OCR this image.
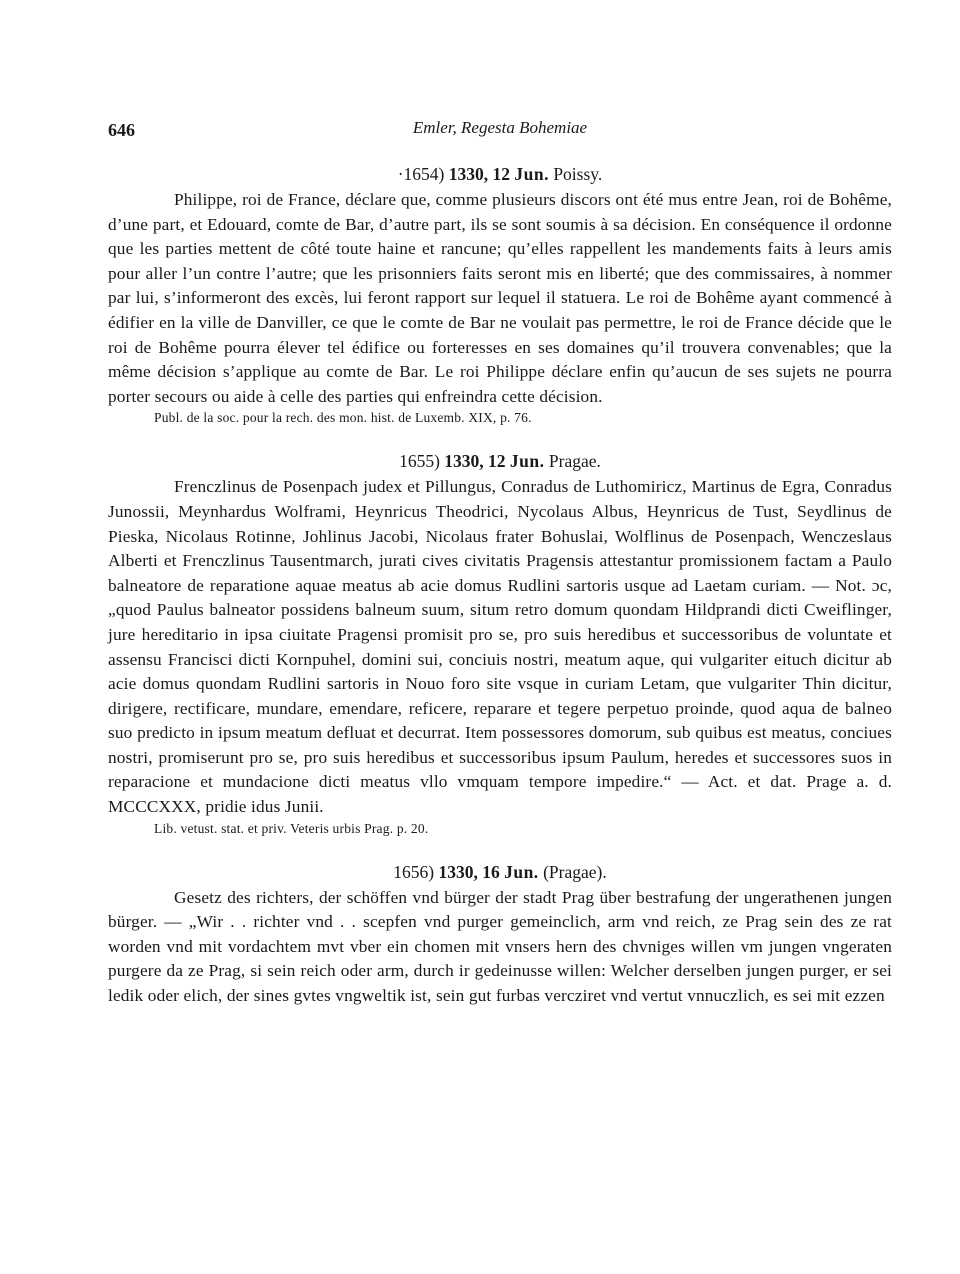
646	Emler, Regesta Bohemiae
·1654) 1330, 12 Jun. Poissy.
Philippe, roi de France, déclare que, comme plusieurs discors ont été mus entre Jean, roi de Bohême, d’une part, et Edouard, comte de Bar, d’autre part, ils se sont soumis à sa décision. En conséquence il ordonne que les parties mettent de côté toute haine et rancune; qu’elles rappellent les mandements faits à leurs amis pour aller l’un contre l’autre; que les prisonniers faits seront mis en liberté; que des commissaires, à nommer par lui, s’informeront des excès, lui feront rapport sur lequel il statuera. Le roi de Bohême ayant commencé à édifier en la ville de Danviller, ce que le comte de Bar ne voulait pas permettre, le roi de France décide que le roi de Bohême pourra élever tel édifice ou forteresses en ses domaines qu’il trouvera convenables; que la même décision s’applique au comte de Bar. Le roi Philippe déclare enfin qu’aucun de ses sujets ne pourra porter secours ou aide à celle des parties qui enfreindra cette décision.
Publ. de la soc. pour la rech. des mon. hist. de Luxemb. XIX, p. 76.
1655) 1330, 12 Jun. Pragae.
Frenczlinus de Posenpach judex et Pillungus, Conradus de Luthomiricz, Martinus de Egra, Conradus Junossii, Meynhardus Wolframi, Heynricus Theodrici, Nycolaus Albus, Heynricus de Tust, Seydlinus de Pieska, Nicolaus Rotinne, Johlinus Jacobi, Nicolaus frater Bohuslai, Wolflinus de Posenpach, Wenczeslaus Alberti et Frenczlinus Tausentmarch, jurati cives civitatis Pragensis attestantur promissionem factam a Paulo balneatore de reparatione aquae meatus ab acie domus Rudlini sartoris usque ad Laetam curiam. — Not. ɔc, „quod Paulus balneator possidens balneum suum, situm retro domum quondam Hildprandi dicti Cweiflinger, jure hereditario in ipsa ciuitate Pragensi promisit pro se, pro suis heredibus et successoribus de voluntate et assensu Francisci dicti Kornpuhel, domini sui, conciuis nostri, meatum aque, qui vulgariter eituch dicitur ab acie domus quondam Rudlini sartoris in Nouo foro site vsque in curiam Letam, que vulgariter Thin dicitur, dirigere, rectificare, mundare, emendare, reficere, reparare et tegere perpetuo proinde, quod aqua de balneo suo predicto in ipsum meatum defluat et decurrat. Item possessores domorum, sub quibus est meatus, conciues nostri, promiserunt pro se, pro suis heredibus et successoribus ipsum Paulum, heredes et successores suos in reparacione et mundacione dicti meatus vllo vmquam tempore impedire.“ — Act. et dat. Prage a. d. MCCCXXX, pridie idus Junii.
Lib. vetust. stat. et priv. Veteris urbis Prag. p. 20.
1656) 1330, 16 Jun. (Pragae).
Gesetz des richters, der schöffen vnd bürger der stadt Prag über bestrafung der ungerathenen jungen bürger. — „Wir . . richter vnd . . scepfen vnd purger gemeinclich, arm vnd reich, ze Prag sein des ze rat worden vnd mit vordachtem mvt vber ein chomen mit vnsers hern des chvniges willen vm jungen vngeraten purgere da ze Prag, si sein reich oder arm, durch ir gedeinusse willen: Welcher derselben jungen purger, er sei ledik oder elich, der sines gvtes vngweltik ist, sein gut furbas vercziret vnd vertut vnnuczlich, es sei mit ezzen
